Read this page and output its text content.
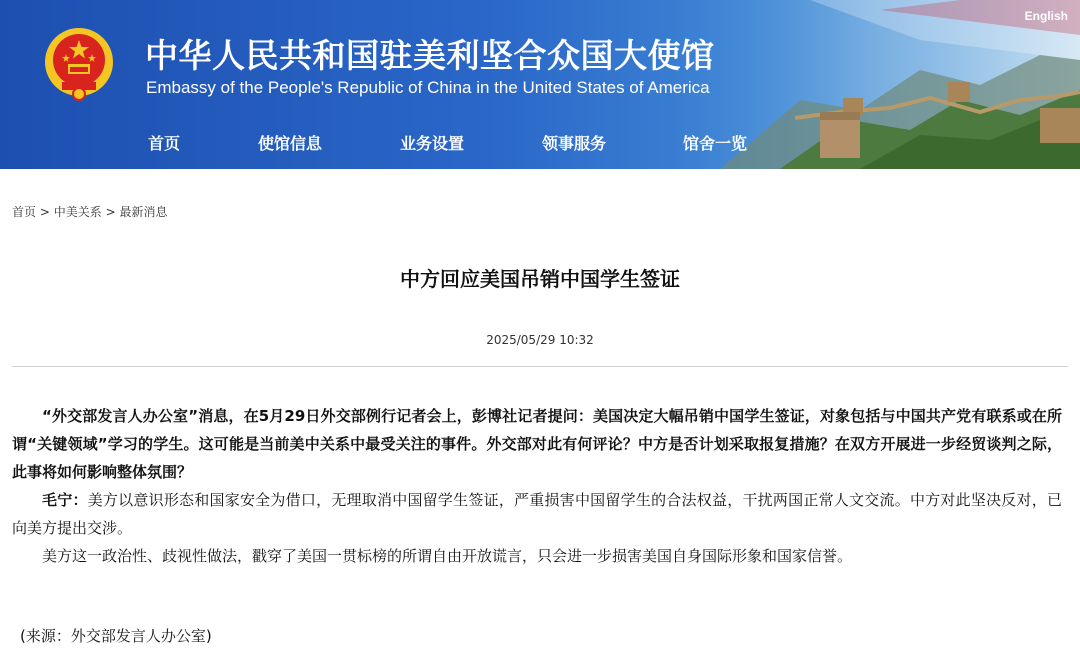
中华人民共和国驻美利坚合众国大使馆
Embassy of the People's Republic of China in the United States of America
English
首页	使馆信息	业务设置	领事服务	馆舍一览
首页 > 中美关系 > 最新消息
中方回应美国吊销中国学生签证
2025/05/29 10:32

“外交部发言人办公室”消息，在5月29日外交部例行记者会上，彭博社记者提问：美国决定大幅吊销中国学生签证，对象包括与中国共产党有联系或在所谓“关键领域”学习的学生。这可能是当前美中关系中最受关注的事件。外交部对此有何评论？中方是否计划采取报复措施？在双方开展进一步经贸谈判之际，此事将如何影响整体氛围？

毛宁：美方以意识形态和国家安全为借口，无理取消中国留学生签证，严重损害中国留学生的合法权益，干扰两国正常人文交流。中方对此坚决反对，已向美方提出交涉。

美方这一政治性、歧视性做法，戳穿了美国一贯标榜的所谓自由开放谎言，只会进一步损害美国自身国际形象和国家信誉。

(来源：外交部发言人办公室)
